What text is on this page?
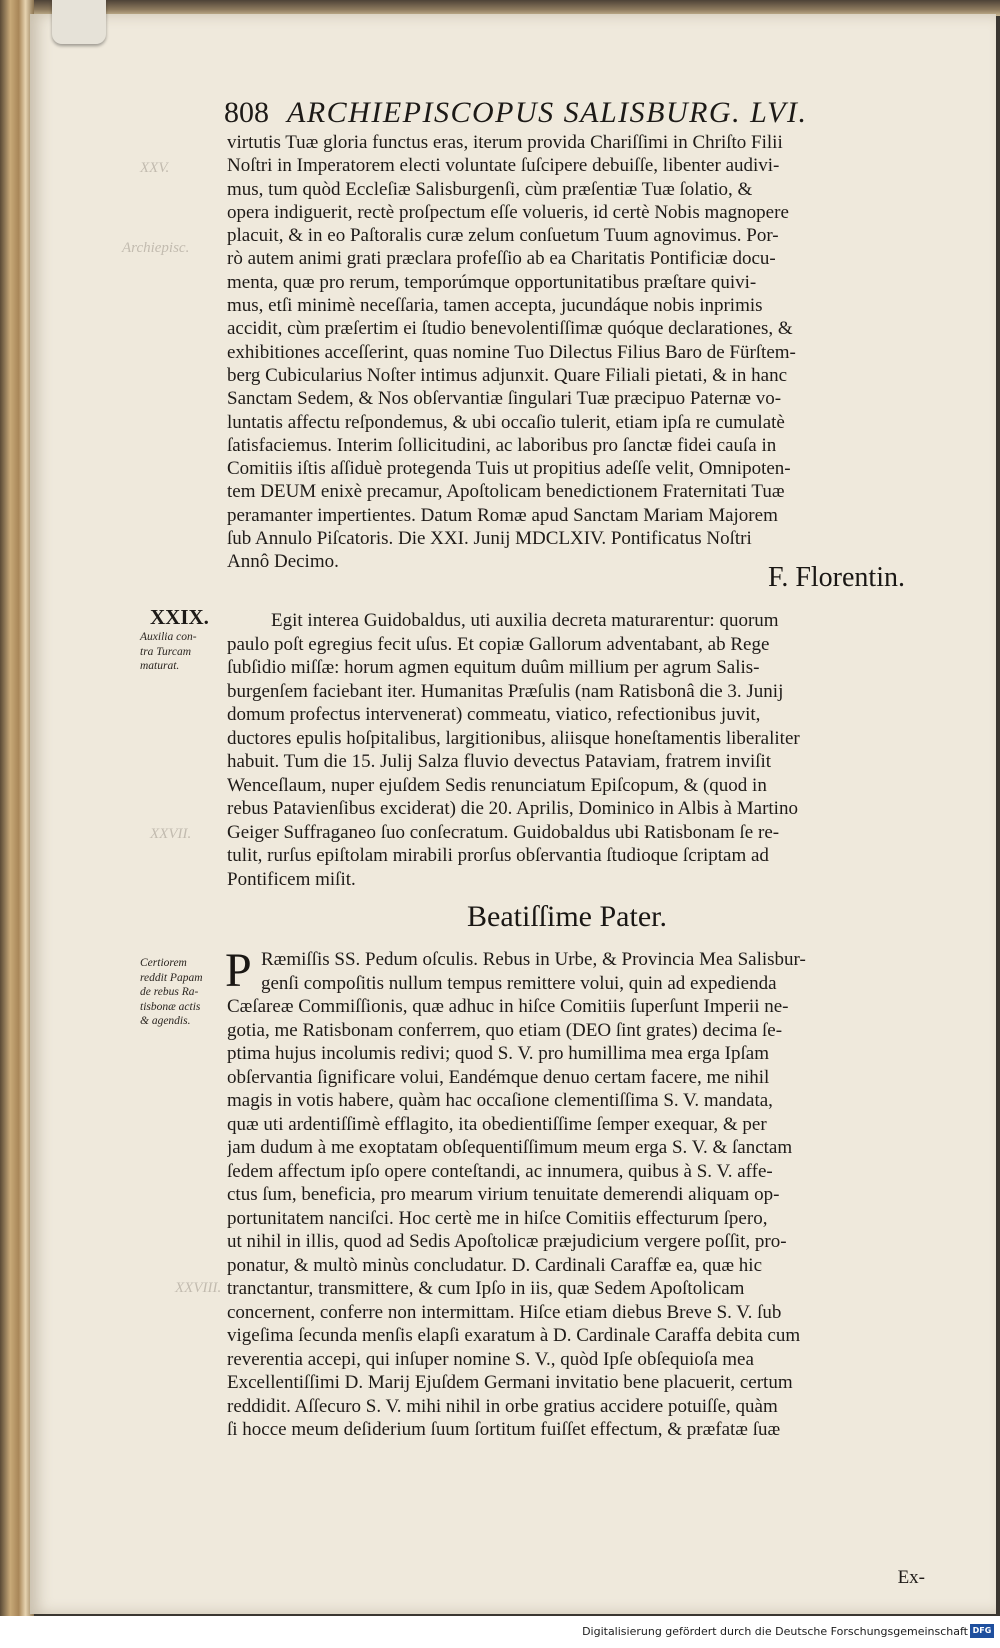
XXV.
Archiepisc.
XXVII.
XXVIII.
808 ARCHIEPISCOPUS SALISBURG. LVI.
virtutis Tuæ gloria functus eras, iterum provida Chariſſimi in Chriſto Filii
Noſtri in Imperatorem electi voluntate ſuſcipere debuiſſe, libenter audivi-
mus, tum quòd Eccleſiæ Salisburgenſi, cùm præſentiæ Tuæ ſolatio, &
opera indiguerit, rectè proſpectum eſſe volueris, id certè Nobis magnopere
placuit, & in eo Paſtoralis curæ zelum conſuetum Tuum agnovimus. Por-
rò autem animi grati præclara profeſſio ab ea Charitatis Pontificiæ docu-
menta, quæ pro rerum, temporúmque opportunitatibus præſtare quivi-
mus, etſi minimè neceſſaria, tamen accepta, jucundáque nobis inprimis
accidit, cùm præſertim ei ſtudio benevolentiſſimæ quóque declarationes, &
exhibitiones acceſſerint, quas nomine Tuo Dilectus Filius Baro de Fürſtem-
berg Cubicularius Noſter intimus adjunxit. Quare Filiali pietati, & in hanc
Sanctam Sedem, & Nos obſervantiæ ſingulari Tuæ præcipuo Paternæ vo-
luntatis affectu reſpondemus, & ubi occaſio tulerit, etiam ipſa re cumulatè
ſatisfaciemus. Interim ſollicitudini, ac laboribus pro ſanctæ fidei cauſa in
Comitiis iſtis aſſiduè protegenda Tuis ut propitius adeſſe velit, Omnipoten-
tem DEUM enixè precamur, Apoſtolicam benedictionem Fraternitati Tuæ
peramanter impertientes. Datum Romæ apud Sanctam Mariam Majorem
ſub Annulo Piſcatoris. Die XXI. Junij MDCLXIV. Pontificatus Noſtri
Annô Decimo.
F. Florentin.
XXIX.
Auxilia con-
tra Turcam
maturat.
Egit interea Guidobaldus, uti auxilia decreta maturarentur: quorum
paulo poſt egregius fecit uſus. Et copiæ Gallorum adventabant, ab Rege
ſubſidio miſſæ: horum agmen equitum duûm millium per agrum Salis-
burgenſem faciebant iter. Humanitas Præſulis (nam Ratisbonâ die 3. Junij
domum profectus intervenerat) commeatu, viatico, refectionibus juvit,
ductores epulis hoſpitalibus, largitionibus, aliisque honeſtamentis liberaliter
habuit. Tum die 15. Julij Salza fluvio devectus Pataviam, fratrem inviſit
Wenceſlaum, nuper ejuſdem Sedis renunciatum Epiſcopum, & (quod in
rebus Patavienſibus exciderat) die 20. Aprilis, Dominico in Albis à Martino
Geiger Suffraganeo ſuo conſecratum. Guidobaldus ubi Ratisbonam ſe re-
tulit, rurſus epiſtolam mirabili prorſus obſervantia ſtudioque ſcriptam ad
Pontificem miſit.
Beatiſſime Pater.
Certiorem
reddit Papam
de rebus Ra-
tisbonæ actis
& agendis.
P Ræmiſſis SS. Pedum oſculis. Rebus in Urbe, & Provincia Mea Salisbur-
genſi compoſitis nullum tempus remittere volui, quin ad expedienda
Cæſareæ Commiſſionis, quæ adhuc in hiſce Comitiis ſuperſunt Imperii ne-
gotia, me Ratisbonam conferrem, quo etiam (DEO ſint grates) decima ſe-
ptima hujus incolumis redivi; quod S. V. pro humillima mea erga Ipſam
obſervantia ſignificare volui, Eandémque denuo certam facere, me nihil
magis in votis habere, quàm hac occaſione clementiſſima S. V. mandata,
quæ uti ardentiſſimè efflagito, ita obedientiſſime ſemper exequar, & per
jam dudum à me exoptatam obſequentiſſimum meum erga S. V. & ſanctam
ſedem affectum ipſo opere conteſtandi, ac innumera, quibus à S. V. affe-
ctus ſum, beneficia, pro mearum virium tenuitate demerendi aliquam op-
portunitatem nanciſci. Hoc certè me in hiſce Comitiis effecturum ſpero,
ut nihil in illis, quod ad Sedis Apoſtolicæ præjudicium vergere poſſit, pro-
ponatur, & multò minùs concludatur. D. Cardinali Caraffæ ea, quæ hic
tranctantur, transmittere, & cum Ipſo in iis, quæ Sedem Apoſtolicam
concernent, conferre non intermittam. Hiſce etiam diebus Breve S. V. ſub
vigeſima ſecunda menſis elapſi exaratum à D. Cardinale Caraffa debita cum
reverentia accepi, qui inſuper nomine S. V., quòd Ipſe obſequioſa mea
Excellentiſſimi D. Marij Ejuſdem Germani invitatio bene placuerit, certum
reddidit. Aſſecuro S. V. mihi nihil in orbe gratius accidere potuiſſe, quàm
ſi hocce meum deſiderium ſuum ſortitum fuiſſet effectum, & præfatæ ſuæ
Ex-
Digitalisierung gefördert durch die Deutsche Forschungsgemeinschaft DFG
